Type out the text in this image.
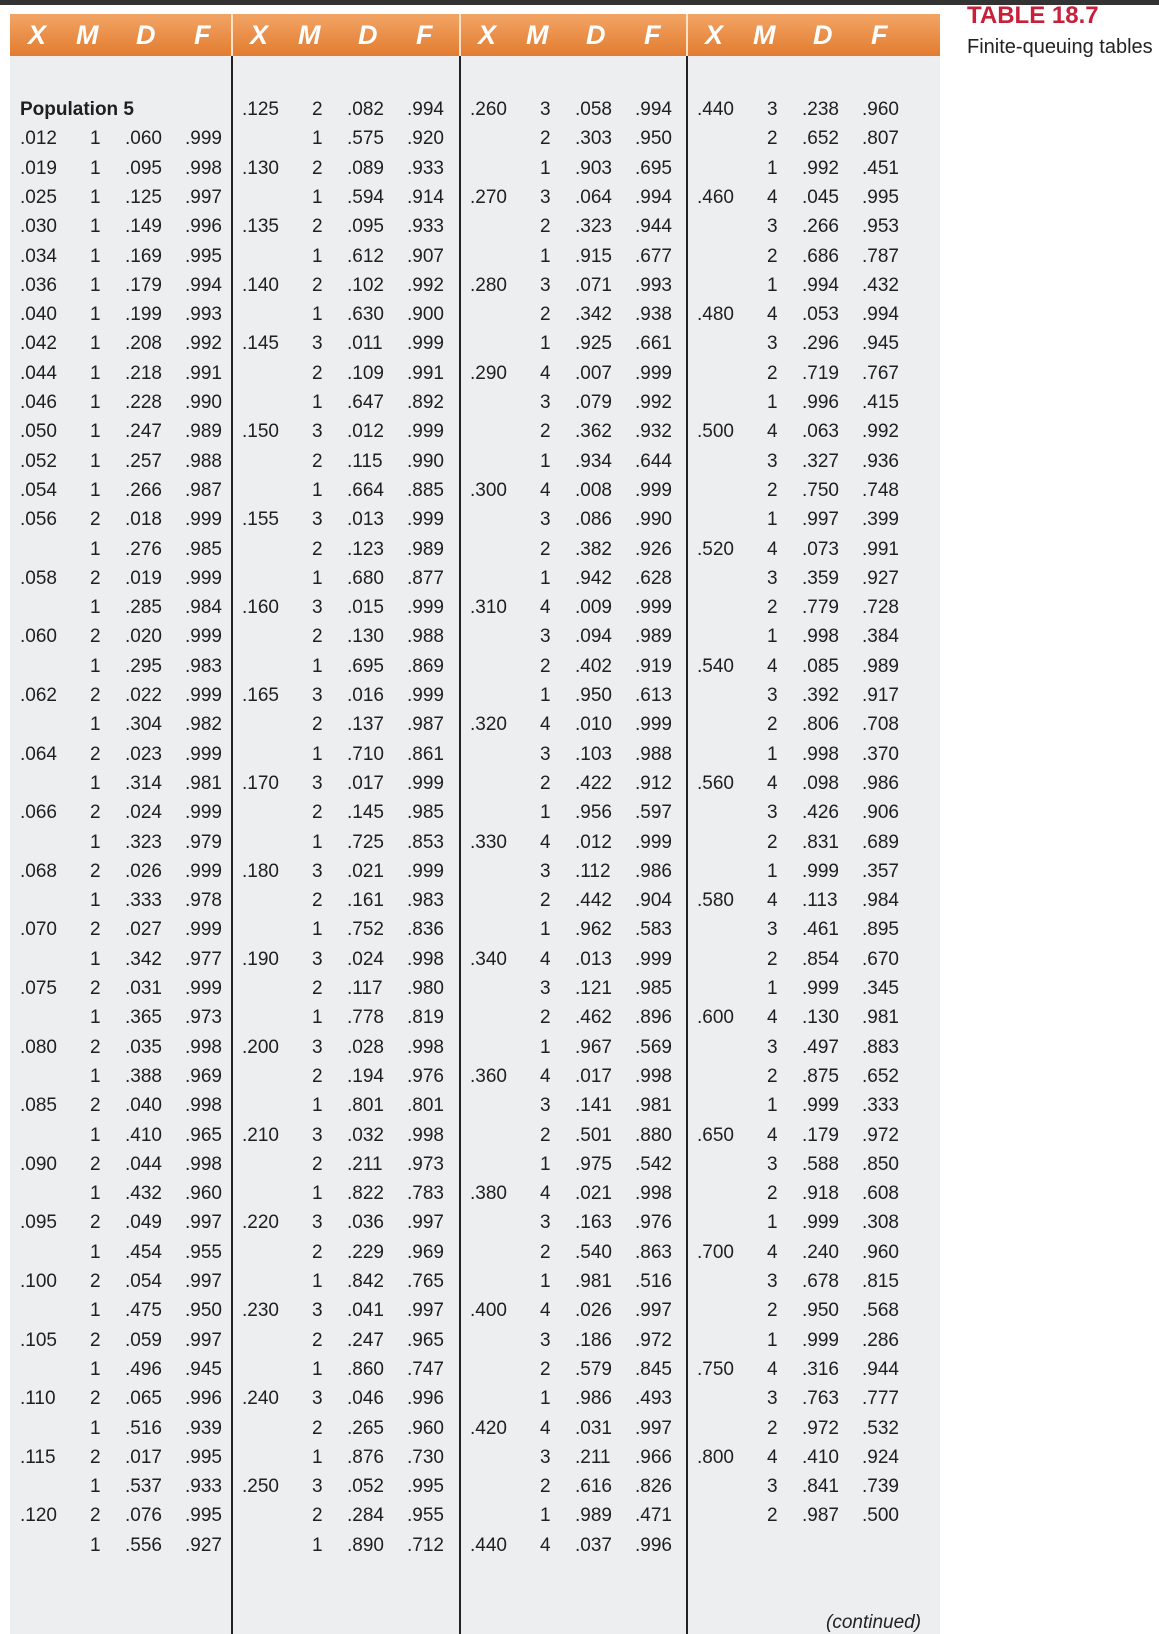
X M D F X M D F X M D F X M D F
.012 1 .060 .999
.019 1 .095 .998
.025 1 .125 .997
.030 1 .149 .996
.034 1 .169 .995
.036 1 .179 .994
.040 1 .199 .993
.042 1 .208 .992
.044 1 .218 .991
.046 1 .228 .990
.050 1 .247 .989
.052 1 .257 .988
.054 1 .266 .987
.056 2 .018 .999
1 .276 .985
.058 2 .019 .999
1 .285 .984
.060 2 .020 .999
1 .295 .983
.062 2 .022 .999
1 .304 .982
.064 2 .023 .999
1 .314 .981
.066 2 .024 .999
1 .323 .979
.068 2 .026 .999
1 .333 .978
.070 2 .027 .999
1 .342 .977
.075 2 .031 .999
1 .365 .973
.080 2 .035 .998
1 .388 .969
.085 2 .040 .998
1 .410 .965
.090 2 .044 .998
1 .432 .960
.095 2 .049 .997
1 .454 .955
.100 2 .054 .997
1 .475 .950
.105 2 .059 .997
1 .496 .945
.110 2 .065 .996
1 .516 .939
.115 2 .017 .995
1 .537 .933
.120 2 .076 .995
1 .556 .927
.125 2 .082 .994
1 .575 .920
.130 2 .089 .933
1 .594 .914
.135 2 .095 .933
1 .612 .907
.140 2 .102 .992
1 .630 .900
.145 3 .011 .999
2 .109 .991
1 .647 .892
.150 3 .012 .999
2 .115 .990
1 .664 .885
.155 3 .013 .999
2 .123 .989
1 .680 .877
.160 3 .015 .999
2 .130 .988
1 .695 .869
.165 3 .016 .999
2 .137 .987
1 .710 .861
.170 3 .017 .999
2 .145 .985
1 .725 .853
.180 3 .021 .999
2 .161 .983
1 .752 .836
.190 3 .024 .998
2 .117 .980
1 .778 .819
.200 3 .028 .998
2 .194 .976
1 .801 .801
.210 3 .032 .998
2 .211 .973
1 .822 .783
.220 3 .036 .997
2 .229 .969
1 .842 .765
.230 3 .041 .997
2 .247 .965
1 .860 .747
.240 3 .046 .996
2 .265 .960
1 .876 .730
.250 3 .052 .995
2 .284 .955
1 .890 .712
.260 3 .058 .994
2 .303 .950
1 .903 .695
.270 3 .064 .994
2 .323 .944
1 .915 .677
.280 3 .071 .993
2 .342 .938
1 .925 .661
.290 4 .007 .999
3 .079 .992
2 .362 .932
1 .934 .644
.300 4 .008 .999
3 .086 .990
2 .382 .926
1 .942 .628
.310 4 .009 .999
3 .094 .989
2 .402 .919
1 .950 .613
.320 4 .010 .999
3 .103 .988
2 .422 .912
1 .956 .597
.330 4 .012 .999
3 .112 .986
2 .442 .904
1 .962 .583
.340 4 .013 .999
3 .121 .985
2 .462 .896
1 .967 .569
.360 4 .017 .998
3 .141 .981
2 .501 .880
1 .975 .542
.380 4 .021 .998
3 .163 .976
2 .540 .863
1 .981 .516
.400 4 .026 .997
3 .186 .972
2 .579 .845
1 .986 .493
.420 4 .031 .997
3 .211 .966
2 .616 .826
1 .989 .471
.440 4 .037 .996
.440 3 .238 .960
2 .652 .807
1 .992 .451
.460 4 .045 .995
3 .266 .953
2 .686 .787
1 .994 .432
.480 4 .053 .994
3 .296 .945
2 .719 .767
1 .996 .415
.500 4 .063 .992
3 .327 .936
2 .750 .748
1 .997 .399
.520 4 .073 .991
3 .359 .927
2 .779 .728
1 .998 .384
.540 4 .085 .989
3 .392 .917
2 .806 .708
1 .998 .370
.560 4 .098 .986
3 .426 .906
2 .831 .689
1 .999 .357
.580 4 .113 .984
3 .461 .895
2 .854 .670
1 .999 .345
.600 4 .130 .981
3 .497 .883
2 .875 .652
1 .999 .333
.650 4 .179 .972
3 .588 .850
2 .918 .608
1 .999 .308
.700 4 .240 .960
3 .678 .815
2 .950 .568
1 .999 .286
.750 4 .316 .944
3 .763 .777
2 .972 .532
.800 4 .410 .924
3 .841 .739
2 .987 .500
Population 5
TABLE 18.7
Finite-queuing tables
(continued)
